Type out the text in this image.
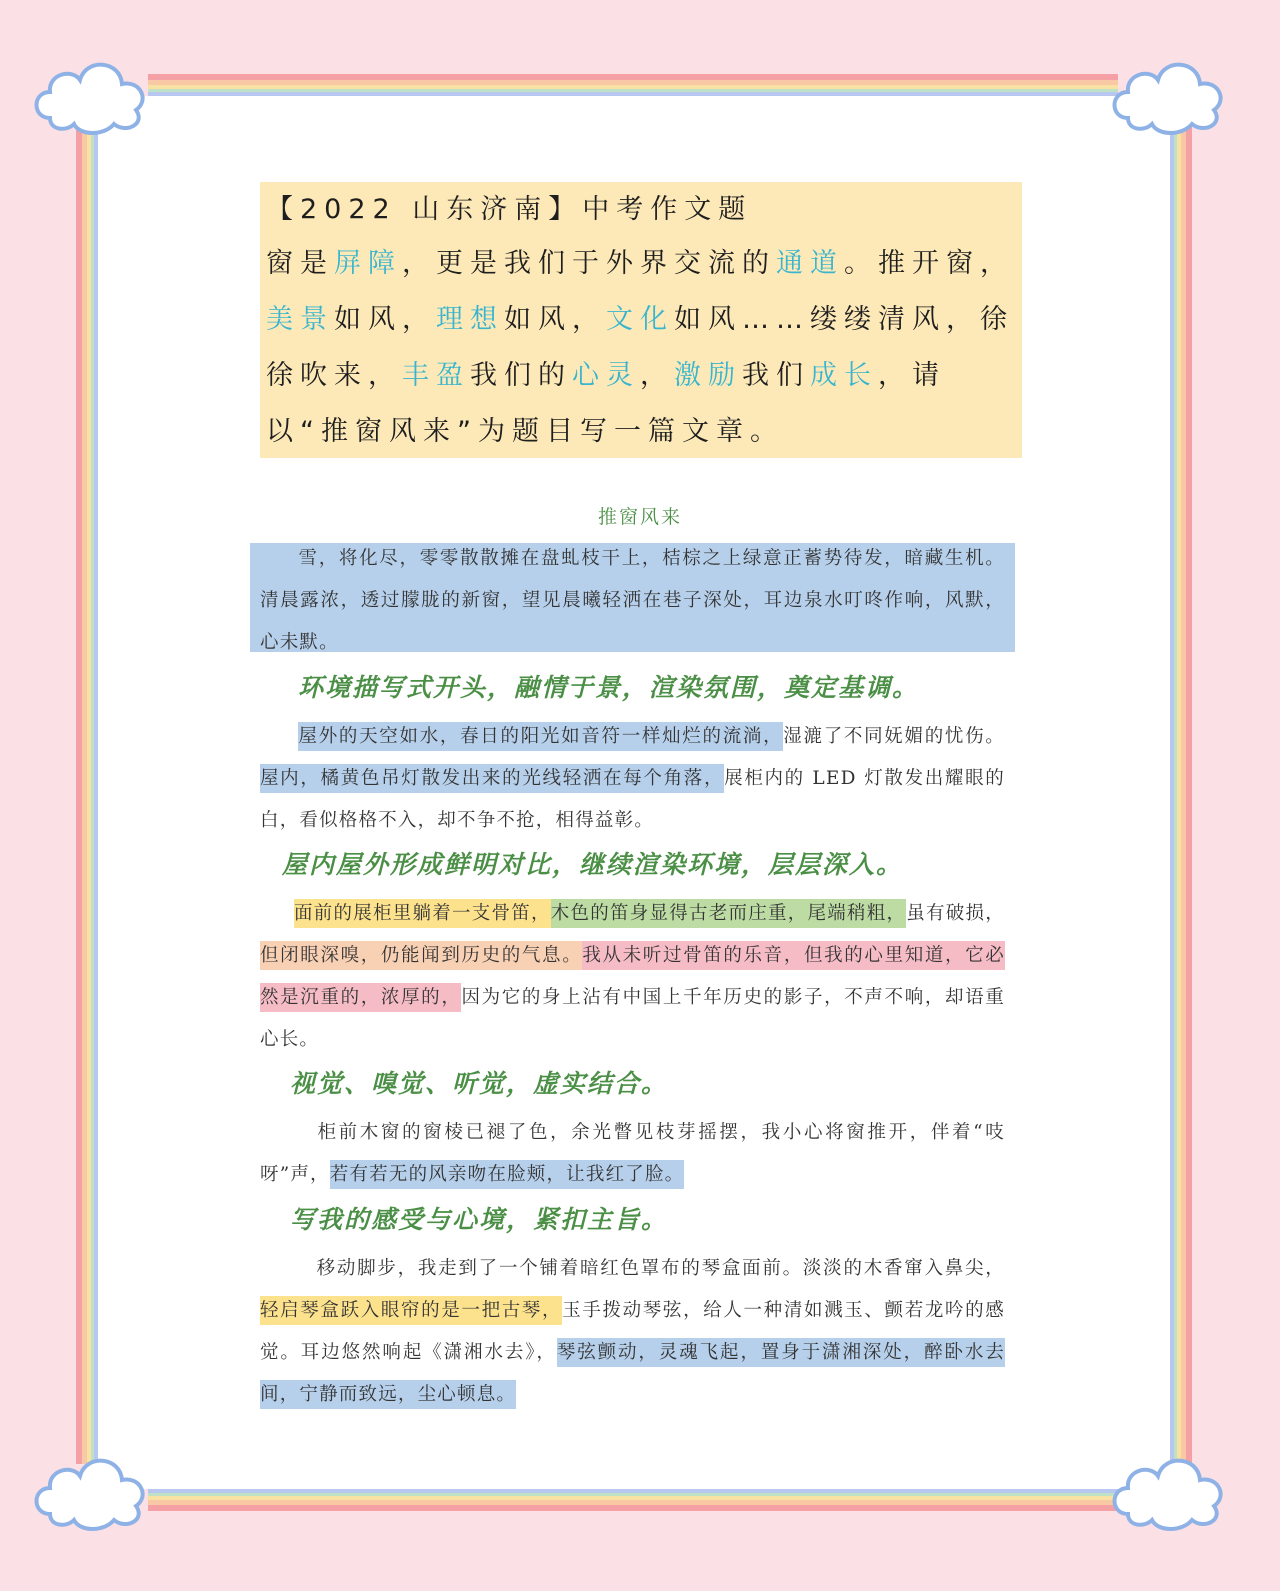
【2022 山东济南】中考作文题
窗是屏障，更是我们于外界交流的通道。推开窗，美景如风，理想如风，文化如风……缕缕清风，徐徐吹来，丰盈我们的心灵，激励我们成长，请以“推窗风来”为题目写一篇文章。
推窗风来
雪，将化尽，零零散散摊在盘虬枝干上，桔棕之上绿意正蓄势待发，暗藏生机。清晨露浓，透过朦胧的新窗，望见晨曦轻洒在巷子深处，耳边泉水叮咚作响，风默，心未默。
环境描写式开头，融情于景，渲染氛围，奠定基调。
屋外的天空如水，春日的阳光如音符一样灿烂的流淌，湿漉了不同妩媚的忧伤。屋内，橘黄色吊灯散发出来的光线轻洒在每个角落，展柜内的 LED 灯散发出耀眼的白，看似格格不入，却不争不抢，相得益彰。
屋内屋外形成鲜明对比，继续渲染环境，层层深入。
面前的展柜里躺着一支骨笛，木色的笛身显得古老而庄重，尾端稍粗，虽有破损，但闭眼深嗅，仍能闻到历史的气息。我从未听过骨笛的乐音，但我的心里知道，它必然是沉重的，浓厚的，因为它的身上沾有中国上千年历史的影子，不声不响，却语重心长。
视觉、嗅觉、听觉，虚实结合。
柜前木窗的窗棱已褪了色，余光瞥见枝芽摇摆，我小心将窗推开，伴着“吱呀”声，若有若无的风亲吻在脸颊，让我红了脸。
写我的感受与心境，紧扣主旨。
移动脚步，我走到了一个铺着暗红色罩布的琴盒面前。淡淡的木香窜入鼻尖，轻启琴盒跃入眼帘的是一把古琴，玉手拨动琴弦，给人一种清如溅玉、颤若龙吟的感觉。耳边悠然响起《潇湘水去》，琴弦颤动，灵魂飞起，置身于潇湘深处，醉卧水去间，宁静而致远，尘心顿息。
